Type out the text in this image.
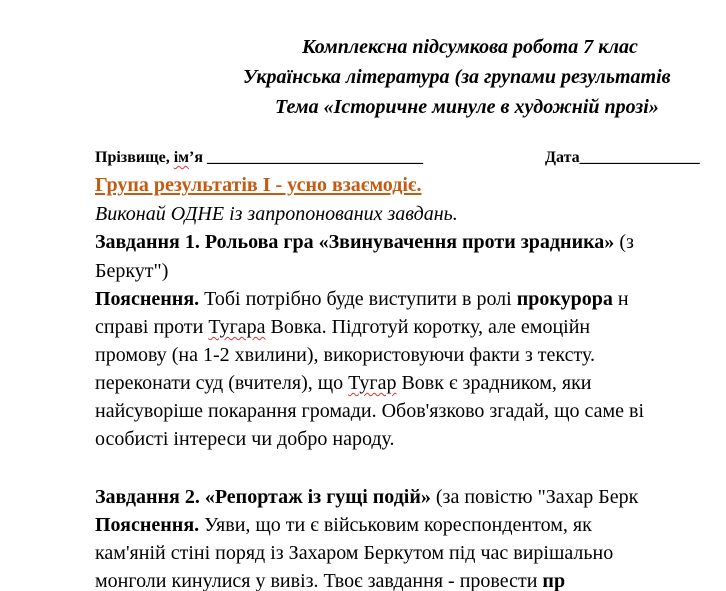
Комплексна підсумкова робота 7 клас
Українська література (за групами результатів
Тема «Історичне минуле в художній прозі»
Прізвище, ім’я ___________________________	Дата_______________
Група результатів І - усно взаємодіє.
Виконай ОДНЕ із запропонованих завдань.
Завдання 1. Рольова гра «Звинувачення проти зрадника» (з
Беркут")
Пояснення. Тобі потрібно буде виступити в ролі прокурора н
справі проти Тугара Вовка. Підготуй коротку, але емоційн
промову (на 1-2 хвилини), використовуючи факти з тексту.
переконати суд (вчителя), що Тугар Вовк є зрадником, яки
найсуворіше покарання громади. Обов'язково згадай, що саме ві
особисті інтереси чи добро народу.
Завдання 2. «Репортаж із гущі подій» (за повістю "Захар Берк
Пояснення. Уяви, що ти є військовим кореспондентом, як
кам'яній стіні поряд із Захаром Беркутом під час вирішально
монголи кинулися у вивіз. Твоє завдання - провести пр
